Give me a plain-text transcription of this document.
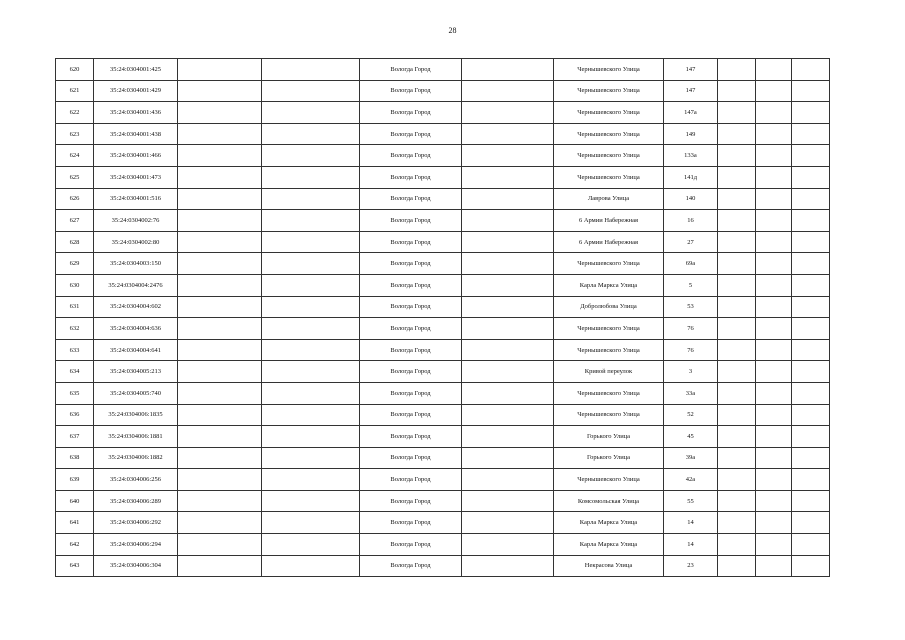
28
620	35:24:0304001:425			Вологда Город		Чернышевского Улица	147			
621	35:24:0304001:429			Вологда Город		Чернышевского Улица	147			
622	35:24:0304001:436			Вологда Город		Чернышевского Улица	147а			
623	35:24:0304001:438			Вологда Город		Чернышевского Улица	149			
624	35:24:0304001:466			Вологда Город		Чернышевского Улица	133а			
625	35:24:0304001:473			Вологда Город		Чернышевского Улица	141д			
626	35:24:0304001:516			Вологда Город		Лаврова Улица	140			
627	35:24:0304002:76			Вологда Город		6 Армии Набережная	16			
628	35:24:0304002:80			Вологда Город		6 Армии Набережная	27			
629	35:24:0304003:150			Вологда Город		Чернышевского Улица	69а			
630	35:24:0304004:2476			Вологда Город		Карла Маркса Улица	5			
631	35:24:0304004:602			Вологда Город		Добролюбова Улица	53			
632	35:24:0304004:636			Вологда Город		Чернышевского Улица	76			
633	35:24:0304004:641			Вологда Город		Чернышевского Улица	76			
634	35:24:0304005:213			Вологда Город		Кривой переулок	3			
635	35:24:0304005:740			Вологда Город		Чернышевского Улица	33а			
636	35:24:0304006:1835			Вологда Город		Чернышевского Улица	52			
637	35:24:0304006:1881			Вологда Город		Горького Улица	45			
638	35:24:0304006:1882			Вологда Город		Горького Улица	39а			
639	35:24:0304006:256			Вологда Город		Чернышевского Улица	42а			
640	35:24:0304006:289			Вологда Город		Комсомольская Улица	55			
641	35:24:0304006:292			Вологда Город		Карла Маркса Улица	14			
642	35:24:0304006:294			Вологда Город		Карла Маркса Улица	14			
643	35:24:0304006:304			Вологда Город		Некрасова Улица	23			
